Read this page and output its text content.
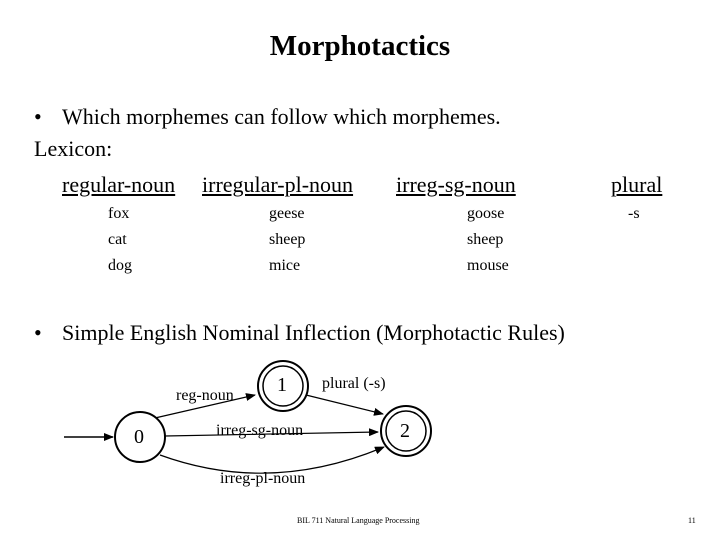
Morphotactics
• Which morphemes can follow which morphemes.
Lexicon:
regular-noun irregular-pl-noun irreg-sg-noun	plural
fox
cat
dog
geese
sheep
mice
goose
sheep
mouse
-s
• Simple English Nominal Inflection (Morphotactic Rules)
0
1
2
reg-noun
plural (-s)
irreg-sg-noun
irreg-pl-noun
BIL 711 Natural Language Processing	11
